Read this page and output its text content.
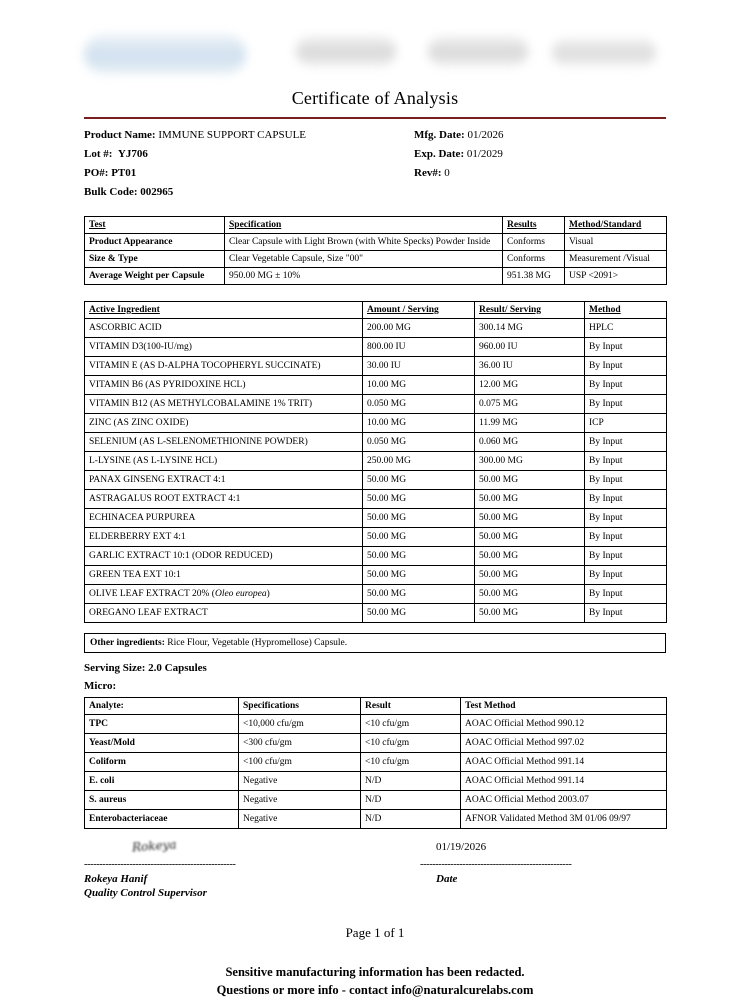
Certificate of Analysis
Product Name: IMMUNE SUPPORT CAPSULE	Mfg. Date: 01/2026
Lot #: YJ706	Exp. Date: 01/2029
PO#: PT01	Rev#: 0
Bulk Code: 002965
Test	Specification	Results	Method/Standard
Product Appearance	Clear Capsule with Light Brown (with White Specks) Powder Inside	Conforms	Visual
Size & Type	Clear Vegetable Capsule, Size "00"	Conforms	Measurement /Visual
Average Weight per Capsule	950.00 MG ± 10%	951.38 MG	USP <2091>
Active Ingredient	Amount / Serving	Result/ Serving	Method
ASCORBIC ACID	200.00 MG	300.14 MG	HPLC
VITAMIN D3(100-IU/mg)	800.00 IU	960.00 IU	By Input
VITAMIN E (AS D-ALPHA TOCOPHERYL SUCCINATE)	30.00 IU	36.00 IU	By Input
VITAMIN B6 (AS PYRIDOXINE HCL)	10.00 MG	12.00 MG	By Input
VITAMIN B12 (AS METHYLCOBALAMINE 1% TRIT)	0.050 MG	0.075 MG	By Input
ZINC (AS ZINC OXIDE)	10.00 MG	11.99 MG	ICP
SELENIUM (AS L-SELENOMETHIONINE POWDER)	0.050 MG	0.060 MG	By Input
L-LYSINE (AS L-LYSINE HCL)	250.00 MG	300.00 MG	By Input
PANAX GINSENG EXTRACT 4:1	50.00 MG	50.00 MG	By Input
ASTRAGALUS ROOT EXTRACT 4:1	50.00 MG	50.00 MG	By Input
ECHINACEA PURPUREA	50.00 MG	50.00 MG	By Input
ELDERBERRY EXT 4:1	50.00 MG	50.00 MG	By Input
GARLIC EXTRACT 10:1 (ODOR REDUCED)	50.00 MG	50.00 MG	By Input
GREEN TEA EXT 10:1	50.00 MG	50.00 MG	By Input
OLIVE LEAF EXTRACT 20% (Oleo europea)	50.00 MG	50.00 MG	By Input
OREGANO LEAF EXTRACT	50.00 MG	50.00 MG	By Input
Other ingredients: Rice Flour, Vegetable (Hypromellose) Capsule.
Serving Size: 2.0 Capsules
Micro:
Analyte:	Specifications	Result	Test Method
TPC	<10,000 cfu/gm	<10 cfu/gm	AOAC Official Method 990.12
Yeast/Mold	<300 cfu/gm	<10 cfu/gm	AOAC Official Method 997.02
Coliform	<100 cfu/gm	<10 cfu/gm	AOAC Official Method 991.14
E. coli	Negative	N/D	AOAC Official Method 991.14
S. aureus	Negative	N/D	AOAC Official Method 2003.07
Enterobacteriaceae	Negative	N/D	AFNOR Validated Method 3M 01/06 09/97
Rokeya	01/19/2026
--------------------------------------------------	--------------------------------------------------
Rokeya Hanif
Quality Control Supervisor
Date
Page 1 of 1
Sensitive manufacturing information has been redacted.
Questions or more info - contact info@naturalcurelabs.com
